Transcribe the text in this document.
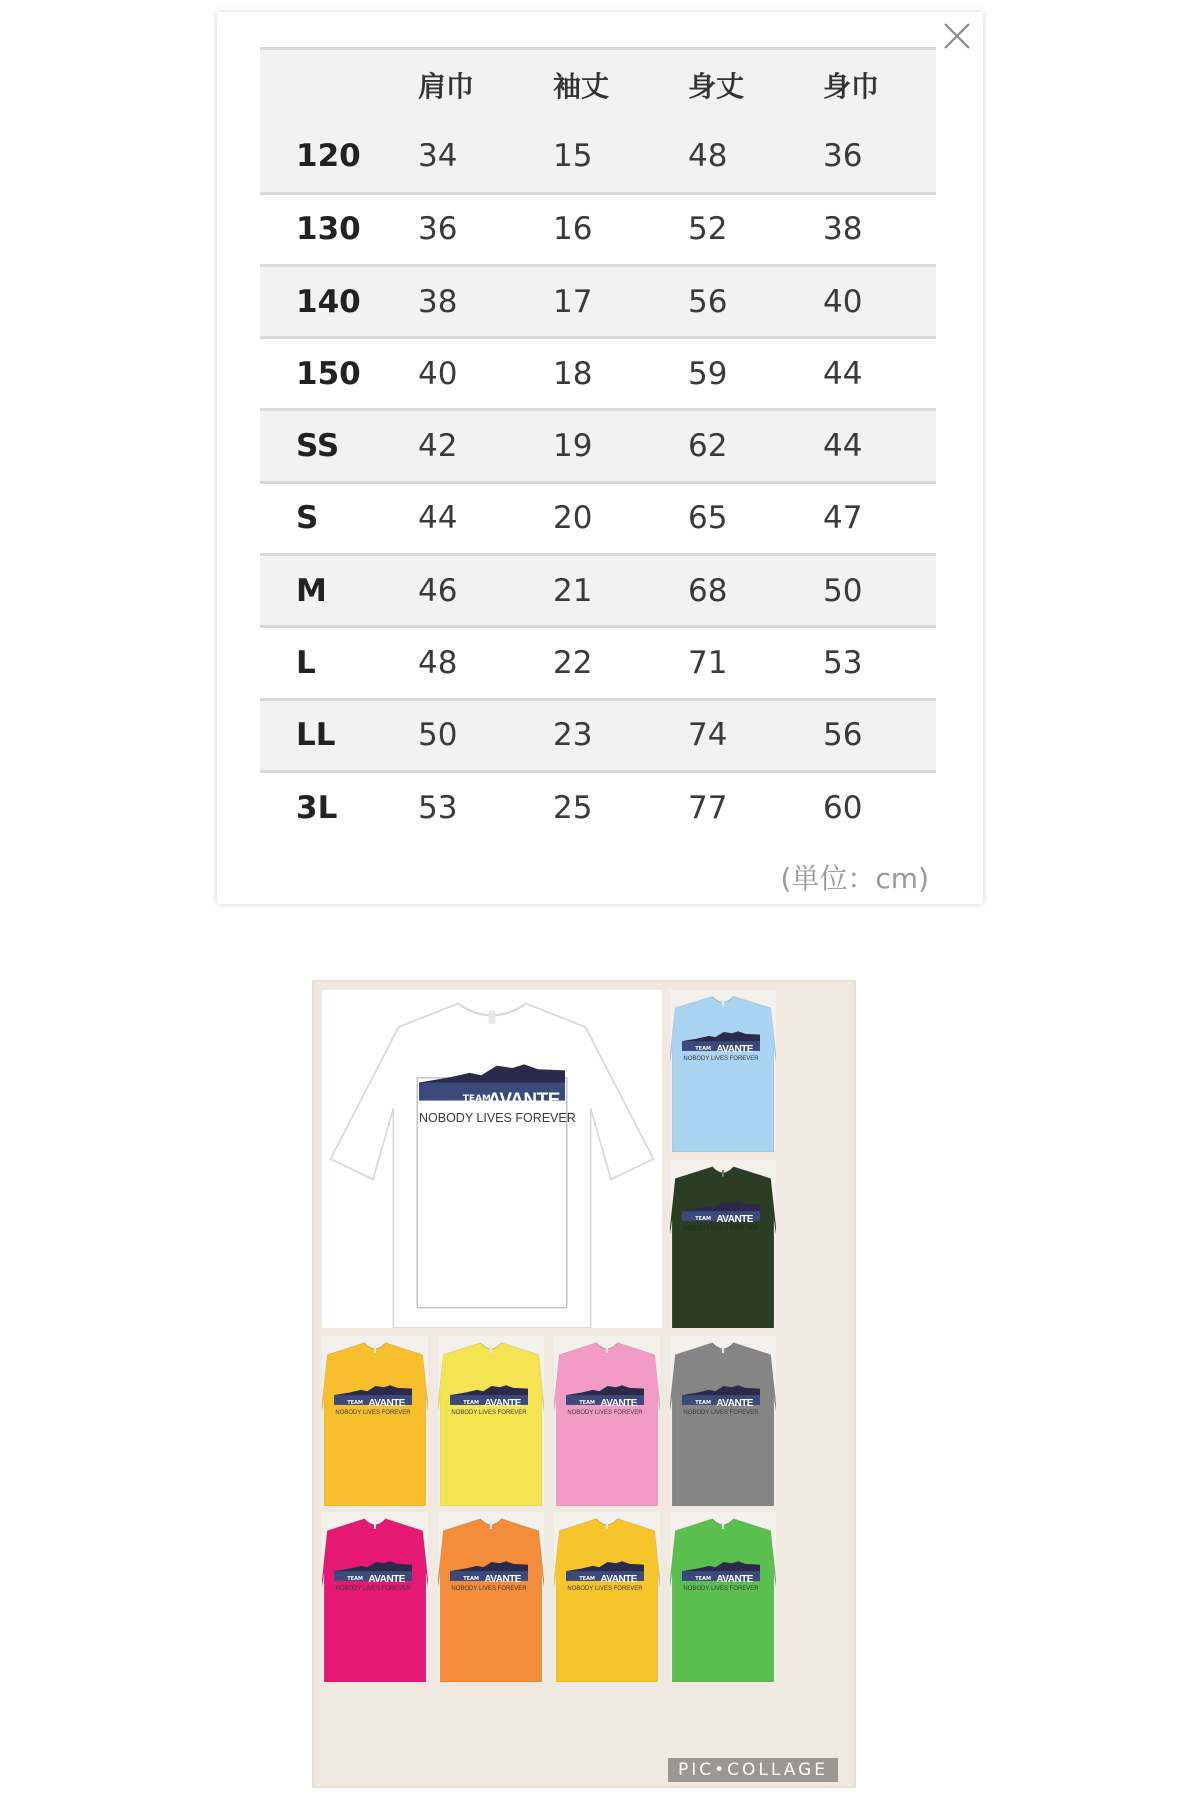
	肩巾	袖丈	身丈	身巾
120	34	15	48	36
130	36	16	52	38
140	38	17	56	40
150	40	18	59	44
SS	42	19	62	44
S	44	20	65	47
M	46	21	68	50
L	48	22	71	53
LL	50	23	74	56
3L	53	25	77	60
(単位：cm)
TEAM
AVANTE
NOBODY LIVES FOREVER
TEAM AVANTE
NOBODY LIVES FOREVER
TEAM AVANTE
NOBODY LIVES FOREVER
TEAM AVANTE
NOBODY LIVES FOREVER
TEAM AVANTE
NOBODY LIVES FOREVER
TEAM AVANTE
NOBODY LIVES FOREVER
TEAM AVANTE
NOBODY LIVES FOREVER
TEAM AVANTE
NOBODY LIVES FOREVER
TEAM AVANTE
NOBODY LIVES FOREVER
TEAM AVANTE
NOBODY LIVES FOREVER
TEAM AVANTE
NOBODY LIVES FOREVER
PIC•COLLAGE
